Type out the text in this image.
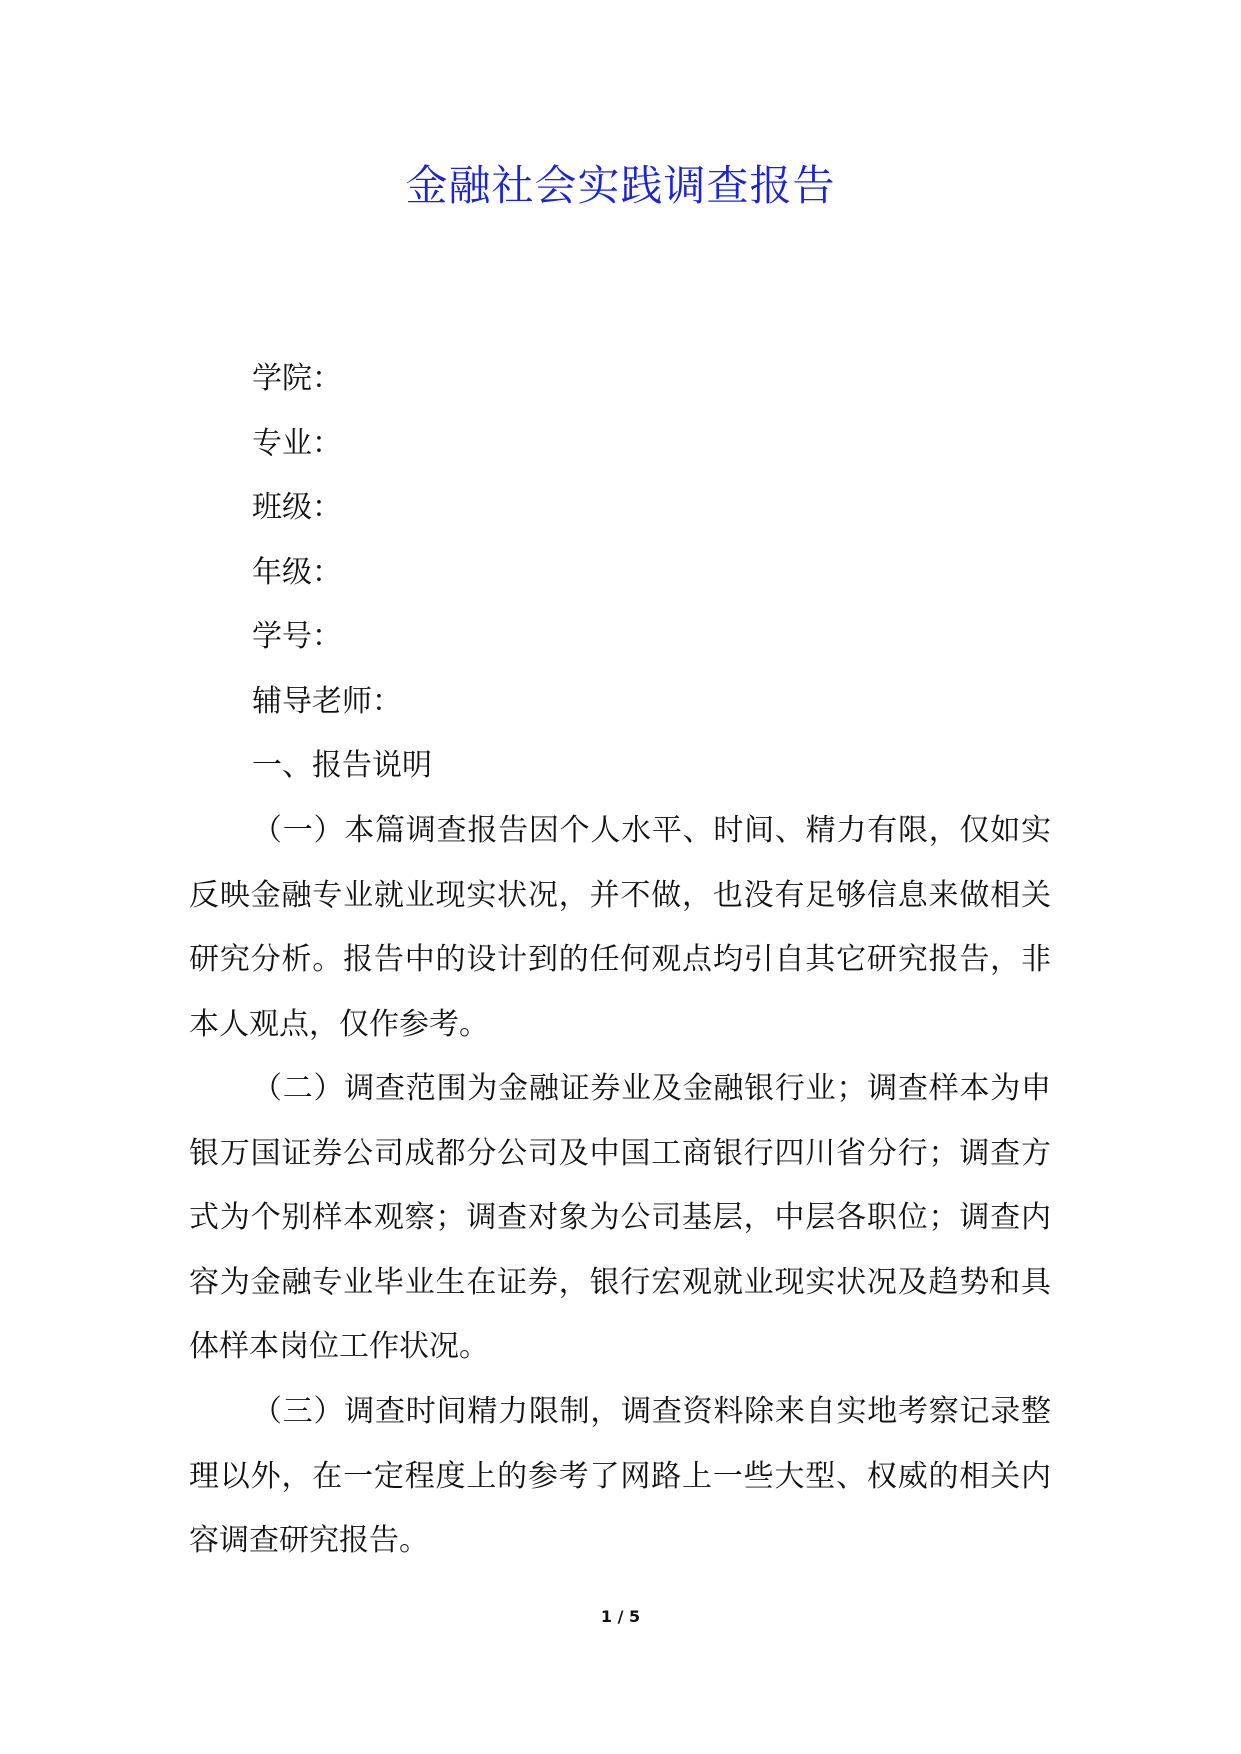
金融社会实践调查报告

学院：

专业：

班级：

年级：

学号：

辅导老师：

一、报告说明

（一）本篇调查报告因个人水平、时间、精力有限，仅如实反映金融专业就业现实状况，并不做，也没有足够信息来做相关研究分析。报告中的设计到的任何观点均引自其它研究报告，非本人观点，仅作参考。

（二）调查范围为金融证券业及金融银行业；调查样本为申银万国证券公司成都分公司及中国工商银行四川省分行；调查方式为个别样本观察；调查对象为公司基层，中层各职位；调查内容为金融专业毕业生在证券，银行宏观就业现实状况及趋势和具体样本岗位工作状况。

（三）调查时间精力限制，调查资料除来自实地考察记录整理以外，在一定程度上的参考了网路上一些大型、权威的相关内容调查研究报告。

1 / 5
